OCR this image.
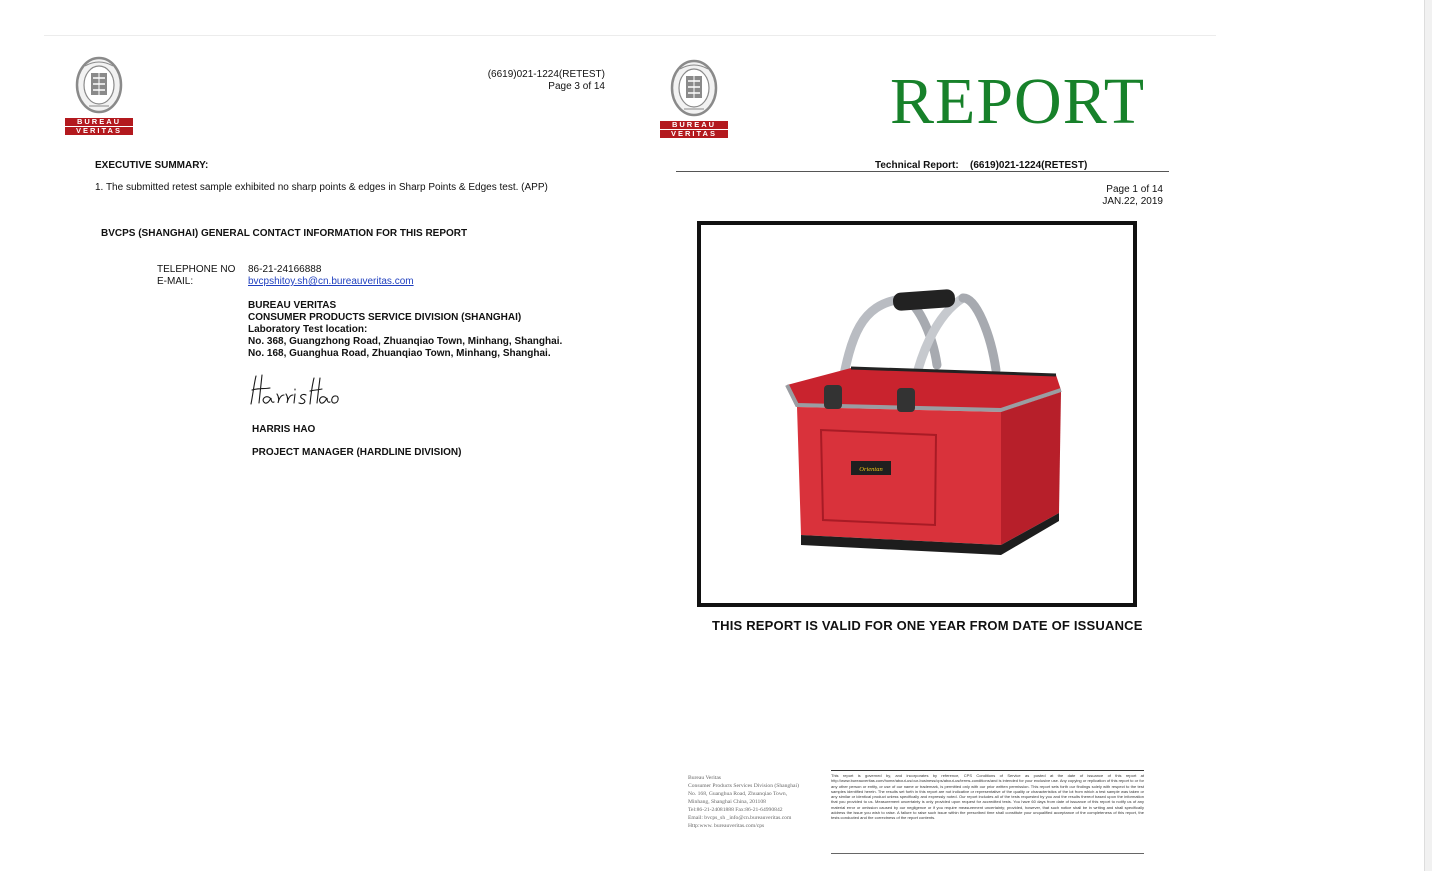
BUREAU
VERITAS
(6619)021-1224(RETEST)
Page 3 of 14
EXECUTIVE SUMMARY:
1. The submitted retest sample exhibited no sharp points & edges in Sharp Points & Edges test. (APP)
BVCPS (SHANGHAI) GENERAL CONTACT INFORMATION FOR THIS REPORT
TELEPHONE NO 86-21-24166888
E-MAIL:	bvcpshitoy.sh@cn.bureauveritas.com
BUREAU VERITAS
CONSUMER PRODUCTS SERVICE DIVISION (SHANGHAI)
Laboratory Test location:
No. 368, Guangzhong Road, Zhuanqiao Town, Minhang, Shanghai.
No. 168, Guanghua Road, Zhuanqiao Town, Minhang, Shanghai.
HARRIS HAO
PROJECT MANAGER (HARDLINE DIVISION)
BUREAU
VERITAS	REPORT
Technical Report: (6619)021-1224(RETEST)
Page 1 of 14
JAN.22, 2019
Orientan
THIS REPORT IS VALID FOR ONE YEAR FROM DATE OF ISSUANCE
Bureau Veritas
Consumer Products Services Division (Shanghai)
No. 168, Guanghua Road, Zhuanqiao Town,
Minhang, Shanghai China, 201108
Tel:86-21-24081888 Fax:86-21-64990842
Email: bvcps_sh _info@cn.bureauveritas.com
Http:www. bureauveritas.com/cps

This report is governed by, and incorporates by reference, CPS Conditions of Service as posted at the date of issuance of this report at http://www.bureauveritas.com/home/about-us/our-business/cps/about-us/terms-conditions/and is intended for your exclusive use. Any copying or replication of this report to or for any other person or entity, or use of our name or trademark, is permitted only with our prior written permission. This report sets forth our findings solely with respect to the test samples identified herein. The results set forth in this report are not indicative or representative of the quality or characteristics of the lot from which a test sample was taken or any similar or identical product unless specifically and expressly noted. Our report includes all of the tests requested by you and the results thereof based upon the information that you provided to us. Measurement uncertainty is only provided upon request for accredited tests. You have 60 days from date of issuance of this report to notify us of any material error or omission caused by our negligence or if you require measurement uncertainty; provided, however, that such notice shall be in writing and shall specifically address the issue you wish to raise. A failure to raise such issue within the prescribed time shall constitute your unqualified acceptance of the completeness of this report, the tests conducted and the correctness of the report contents.
